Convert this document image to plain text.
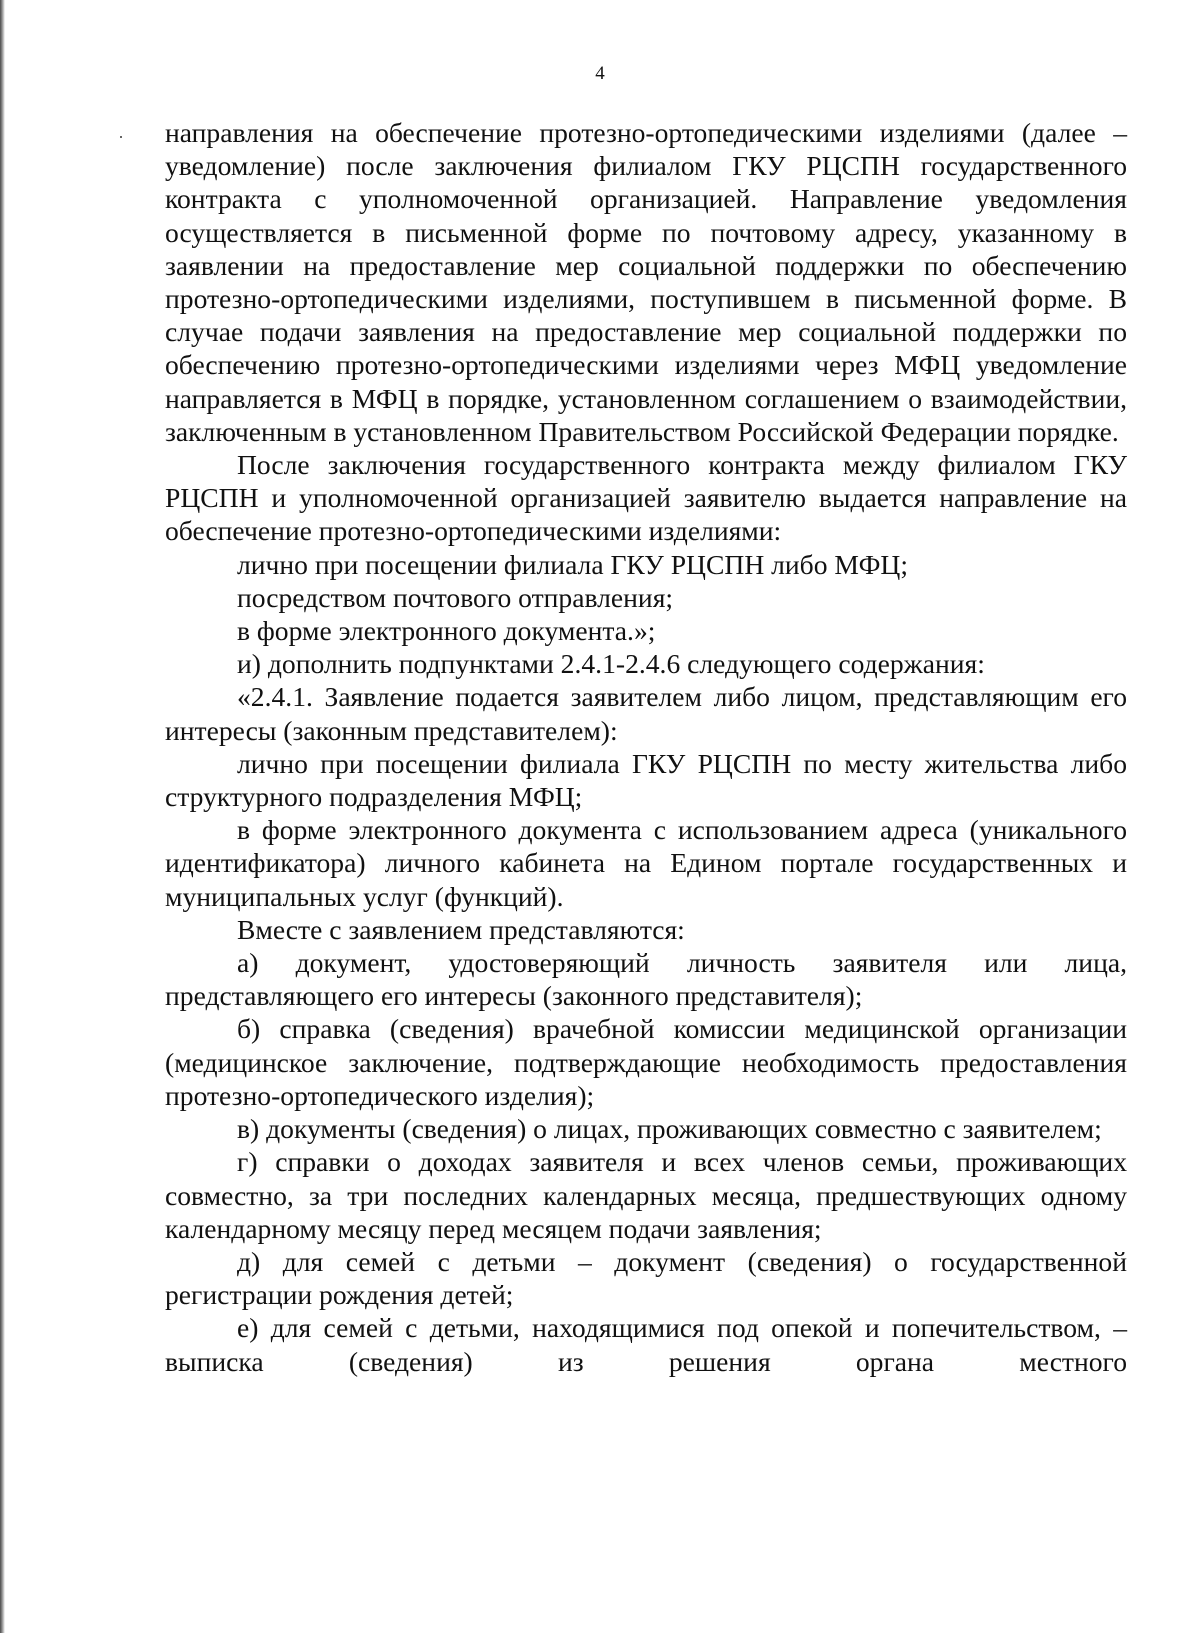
4

направления на обеспечение протезно-ортопедическими изделиями (далее – уведомление) после заключения филиалом ГКУ РЦСПН государственного контракта с уполномоченной организацией. Направление уведомления осуществляется в письменной форме по почтовому адресу, указанному в заявлении на предоставление мер социальной поддержки по обеспечению протезно-ортопедическими изделиями, поступившем в письменной форме. В случае подачи заявления на предоставление мер социальной поддержки по обеспечению протезно-ортопедическими изделиями через МФЦ уведомление направляется в МФЦ в порядке, установленном соглашением о взаимодействии, заключенным в установленном Правительством Российской Федерации порядке.

После заключения государственного контракта между филиалом ГКУ РЦСПН и уполномоченной организацией заявителю выдается направление на обеспечение протезно-ортопедическими изделиями:

лично при посещении филиала ГКУ РЦСПН либо МФЦ;

посредством почтового отправления;

в форме электронного документа.»;

и) дополнить подпунктами 2.4.1-2.4.6 следующего содержания:

«2.4.1. Заявление подается заявителем либо лицом, представляющим его интересы (законным представителем):

лично при посещении филиала ГКУ РЦСПН по месту жительства либо структурного подразделения МФЦ;

в форме электронного документа с использованием адреса (уникального идентификатора) личного кабинета на Едином портале государственных и муниципальных услуг (функций).

Вместе с заявлением представляются:

а) документ, удостоверяющий личность заявителя или лица, представляющего его интересы (законного представителя);

б) справка (сведения) врачебной комиссии медицинской организации (медицинское заключение, подтверждающие необходимость предоставления протезно-ортопедического изделия);

в) документы (сведения) о лицах, проживающих совместно с заявителем;

г) справки о доходах заявителя и всех членов семьи, проживающих совместно, за три последних календарных месяца, предшествующих одному календарному месяцу перед месяцем подачи заявления;

д) для семей с детьми – документ (сведения) о государственной регистрации рождения детей;

е) для семей с детьми, находящимися под опекой и попечительством, – выписка (сведения) из решения органа местного
